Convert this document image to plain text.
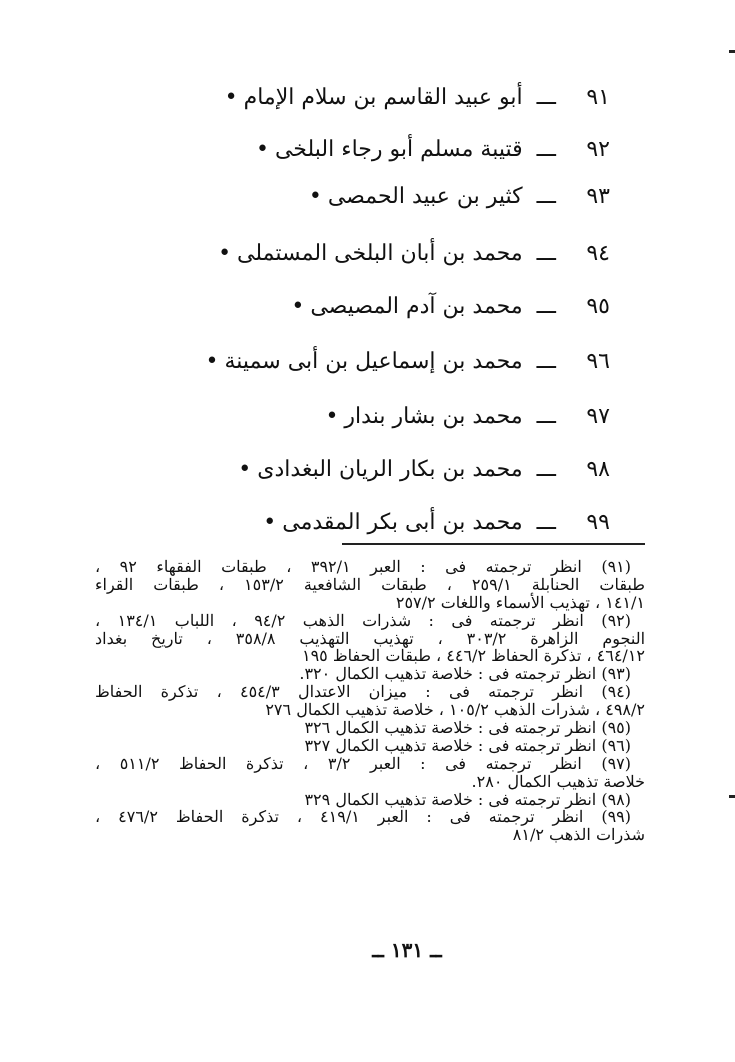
٩١ـــأبو عبيد القاسم بن سلام الإمام•
٩٢ـــقتيبة مسلم أبو رجاء البلخى•
٩٣ـــكثير بن عبيد الحمصى•
٩٤ـــمحمد بن أبان البلخى المستملى•
٩٥ـــمحمد بن آدم المصيصى•
٩٦ـــمحمد بن إسماعيل بن أبى سمينة•
٩٧ـــمحمد بن بشار بندار•
٩٨ـــمحمد بن بكار الريان البغدادى•
٩٩ـــمحمد بن أبى بكر المقدمى•
(٩١) انظر ترجمته فى : العبر ٣٩٢/١ ، طبقات الفقهاء ٩٢ ،
طبقات الحنابلة ٢٥٩/١ ، طبقات الشافعية ١٥٣/٢ ، طبقات القراء
١٤١/١ ، تهذيب الأسماء واللغات ٢٥٧/٢
(٩٢) انظر ترجمته فى : شذرات الذهب ٩٤/٢ ، اللباب ١٣٤/١ ،
النجوم الزاهرة ٣٠٣/٢ ، تهذيب التهذيب ٣٥٨/٨ ، تاريخ بغداد
٤٦٤/١٢ ، تذكرة الحفاظ ٤٤٦/٢ ، طبقات الحفاظ ١٩٥
(٩٣) انظر ترجمته فى : خلاصة تذهيب الكمال ٣٢٠.
(٩٤) انظر ترجمته فى : ميزان الاعتدال ٤٥٤/٣ ، تذكرة الحفاظ
٤٩٨/٢ ، شذرات الذهب ١٠٥/٢ ، خلاصة تذهيب الكمال ٢٧٦
(٩٥) انظر ترجمته فى : خلاصة تذهيب الكمال ٣٢٦
(٩٦) انظر ترجمته فى : خلاصة تذهيب الكمال ٣٢٧
(٩٧) انظر ترجمته فى : العبر ٣/٢ ، تذكرة الحفاظ ٥١١/٢ ،
خلاصة تذهيب الكمال ٢٨٠.
(٩٨) انظر ترجمته فى : خلاصة تذهيب الكمال ٣٢٩
(٩٩) انظر ترجمته فى : العبر ٤١٩/١ ، تذكرة الحفاظ ٤٧٦/٢ ،
شذرات الذهب ٨١/٢
ــ ١٣١ ــ
